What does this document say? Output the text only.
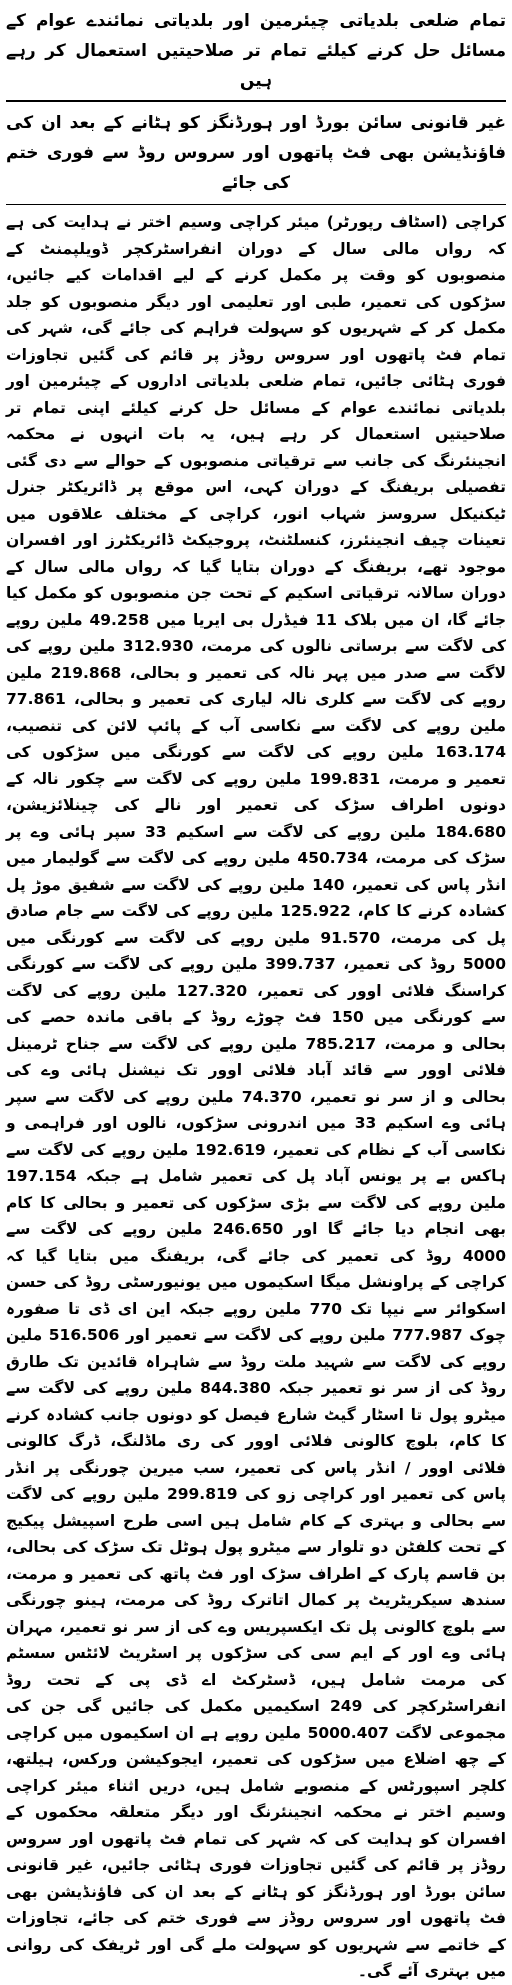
تمام ضلعی بلدیاتی چیئرمین اور بلدیاتی نمائندے عوام کے مسائل حل کرنے کیلئے تمام تر صلاحیتیں استعمال کر رہے ہیں
غیر قانونی سائن بورڈ اور ہورڈنگز کو ہٹانے کے بعد ان کی فاؤنڈیشن بھی فٹ پاتھوں اور سروس روڈ سے فوری ختم کی جائے

کراچی (اسٹاف رپورٹر) میئر کراچی وسیم اختر نے ہدایت کی ہے کہ رواں مالی سال کے دوران انفراسٹرکچر ڈویلپمنٹ کے منصوبوں کو وقت پر مکمل کرنے کے لیے اقدامات کیے جائیں، سڑکوں کی تعمیر، طبی اور تعلیمی اور دیگر منصوبوں کو جلد مکمل کر کے شہریوں کو سہولت فراہم کی جائے گی، شہر کی تمام فٹ پاتھوں اور سروس روڈز پر قائم کی گئیں تجاوزات فوری ہٹائی جائیں، تمام ضلعی بلدیاتی اداروں کے چیئرمین اور بلدیاتی نمائندے عوام کے مسائل حل کرنے کیلئے اپنی تمام تر صلاحیتیں استعمال کر رہے ہیں، یہ بات انہوں نے محکمہ انجینئرنگ کی جانب سے ترقیاتی منصوبوں کے حوالے سے دی گئی تفصیلی بریفنگ کے دوران کہی، اس موقع پر ڈائریکٹر جنرل ٹیکنیکل سروسز شہاب انور، کراچی کے مختلف علاقوں میں تعینات چیف انجینئرز، کنسلٹنٹ، پروجیکٹ ڈائریکٹرز اور افسران موجود تھے، بریفنگ کے دوران بتایا گیا کہ رواں مالی سال کے دوران سالانہ ترقیاتی اسکیم کے تحت جن منصوبوں کو مکمل کیا جائے گا، ان میں بلاک 11 فیڈرل بی ایریا میں 49.258 ملین روپے کی لاگت سے برساتی نالوں کی مرمت، 312.930 ملین روپے کی لاگت سے صدر میں پہر نالہ کی تعمیر و بحالی، 219.868 ملین روپے کی لاگت سے کلری نالہ لیاری کی تعمیر و بحالی، 77.861 ملین روپے کی لاگت سے نکاسی آب کے پائپ لائن کی تنصیب، 163.174 ملین روپے کی لاگت سے کورنگی میں سڑکوں کی تعمیر و مرمت، 199.831 ملین روپے کی لاگت سے چکور نالہ کے دونوں اطراف سڑک کی تعمیر اور نالے کی چینلائزیشن، 184.680 ملین روپے کی لاگت سے اسکیم 33 سپر ہائی وے پر سڑک کی مرمت، 450.734 ملین روپے کی لاگت سے گولیمار میں انڈر پاس کی تعمیر، 140 ملین روپے کی لاگت سے شفیق موڑ پل کشادہ کرنے کا کام، 125.922 ملین روپے کی لاگت سے جام صادق پل کی مرمت، 91.570 ملین روپے کی لاگت سے کورنگی میں 5000 روڈ کی تعمیر، 399.737 ملین روپے کی لاگت سے کورنگی کراسنگ فلائی اوور کی تعمیر، 127.320 ملین روپے کی لاگت سے کورنگی میں 150 فٹ چوڑے روڈ کے باقی ماندہ حصے کی بحالی و مرمت، 785.217 ملین روپے کی لاگت سے جناح ٹرمینل فلائی اوور سے قائد آباد فلائی اوور تک نیشنل ہائی وے کی بحالی و از سر نو تعمیر، 74.370 ملین روپے کی لاگت سے سپر ہائی وے اسکیم 33 میں اندرونی سڑکوں، نالوں اور فراہمی و نکاسی آب کے نظام کی تعمیر، 192.619 ملین روپے کی لاگت سے ہاکس بے پر یونس آباد پل کی تعمیر شامل ہے جبکہ 197.154 ملین روپے کی لاگت سے بڑی سڑکوں کی تعمیر و بحالی کا کام بھی انجام دیا جائے گا اور 246.650 ملین روپے کی لاگت سے 4000 روڈ کی تعمیر کی جائے گی، بریفنگ میں بتایا گیا کہ کراچی کے پراونشل میگا اسکیموں میں یونیورسٹی روڈ کی حسن اسکوائر سے نیپا تک 770 ملین روپے جبکہ این ای ڈی تا صفورہ چوک 777.987 ملین روپے کی لاگت سے تعمیر اور 516.506 ملین روپے کی لاگت سے شہید ملت روڈ سے شاہراہ قائدین تک طارق روڈ کی از سر نو تعمیر جبکہ 844.380 ملین روپے کی لاگت سے میٹرو پول تا اسٹار گیٹ شارع فیصل کو دونوں جانب کشادہ کرنے کا کام، بلوچ کالونی فلائی اوور کی ری ماڈلنگ، ڈرگ کالونی فلائی اوور / انڈر پاس کی تعمیر، سب میرین چورنگی پر انڈر پاس کی تعمیر اور کراچی زو کی 299.819 ملین روپے کی لاگت سے بحالی و بہتری کے کام شامل ہیں اسی طرح اسپیشل پیکیج کے تحت کلفٹن دو تلوار سے میٹرو پول ہوٹل تک سڑک کی بحالی، بن قاسم پارک کے اطراف سڑک اور فٹ پاتھ کی تعمیر و مرمت، سندھ سیکریٹریٹ پر کمال اتاترک روڈ کی مرمت، ہینو چورنگی سے بلوچ کالونی پل تک ایکسپریس وے کی از سر نو تعمیر، مہران ہائی وے اور کے ایم سی کی سڑکوں پر اسٹریٹ لائٹس سسٹم کی مرمت شامل ہیں، ڈسٹرکٹ اے ڈی پی کے تحت روڈ انفراسٹرکچر کی 249 اسکیمیں مکمل کی جائیں گی جن کی مجموعی لاگت 5000.407 ملین روپے ہے ان اسکیموں میں کراچی کے چھ اضلاع میں سڑکوں کی تعمیر، ایجوکیشن ورکس، ہیلتھ، کلچر اسپورٹس کے منصوبے شامل ہیں، دریں اثناء میئر کراچی وسیم اختر نے محکمہ انجینئرنگ اور دیگر متعلقہ محکموں کے افسران کو ہدایت کی کہ شہر کی تمام فٹ پاتھوں اور سروس روڈز پر قائم کی گئیں تجاوزات فوری ہٹائی جائیں، غیر قانونی سائن بورڈ اور ہورڈنگز کو ہٹانے کے بعد ان کی فاؤنڈیشن بھی فٹ پاتھوں اور سروس روڈز سے فوری ختم کی جائے، تجاوزات کے خاتمے سے شہریوں کو سہولت ملے گی اور ٹریفک کی روانی میں بہتری آئے گی۔
